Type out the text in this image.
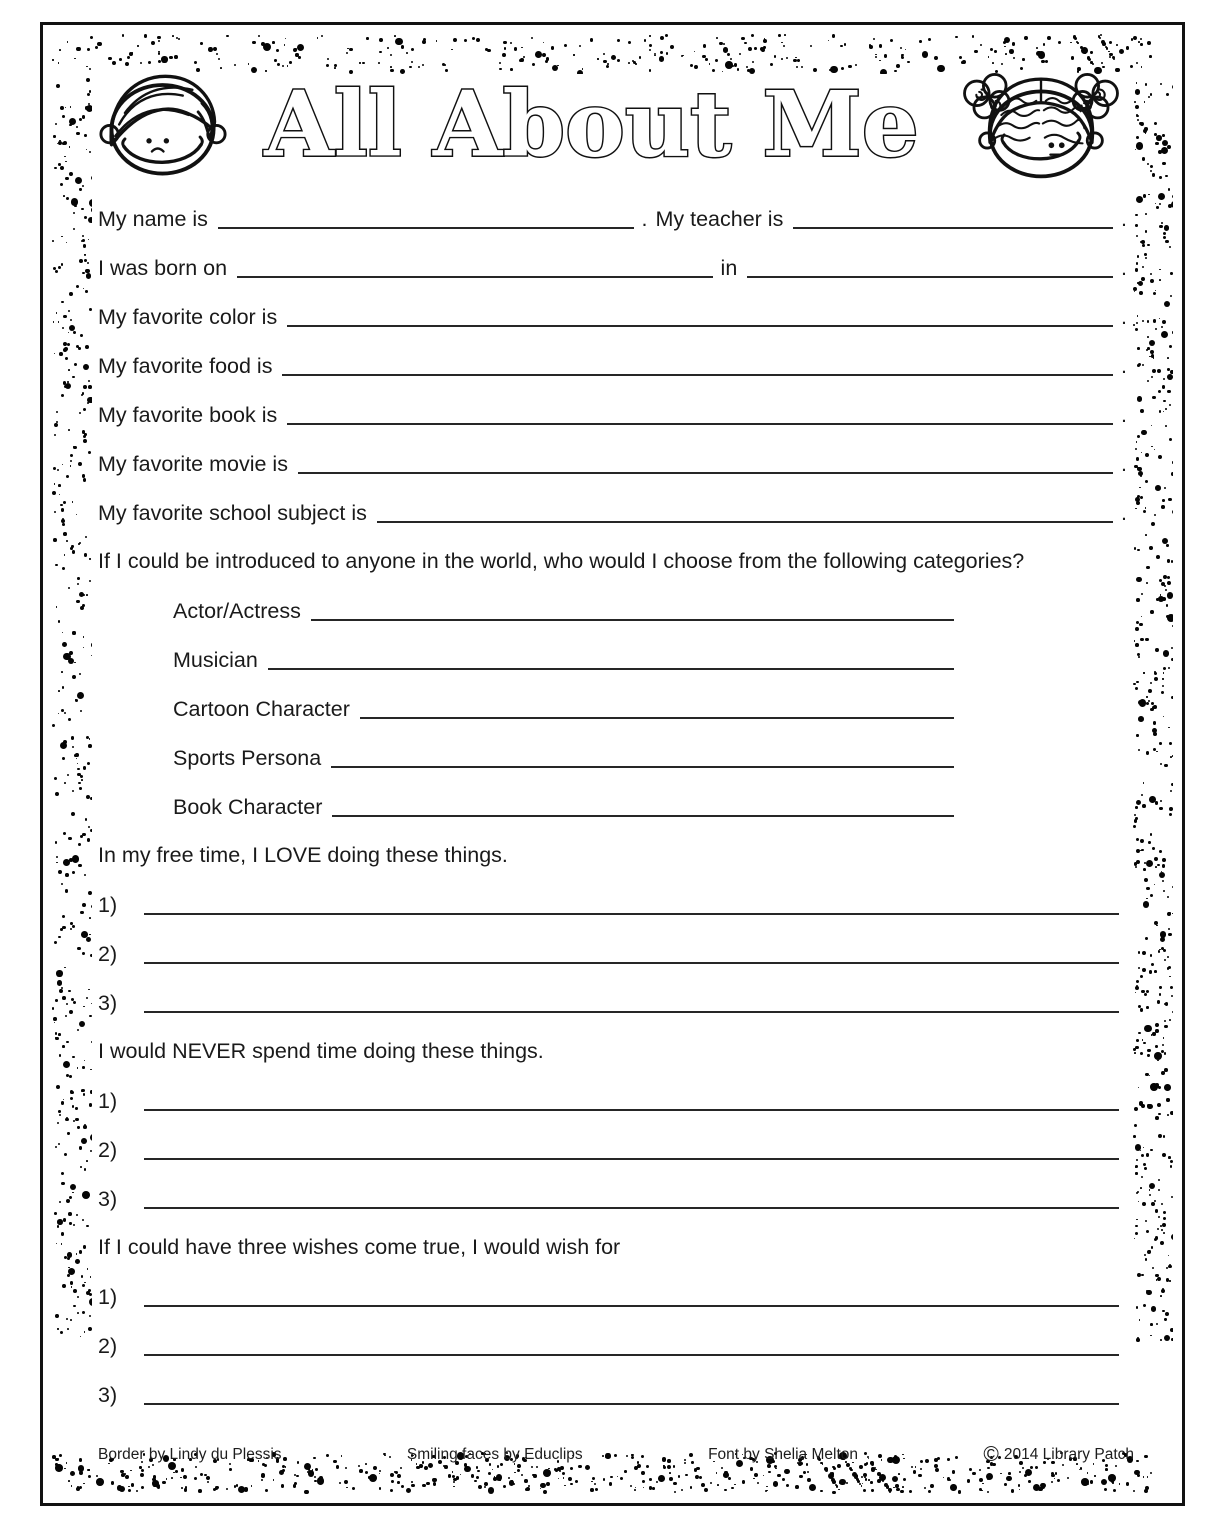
All About Me
My name is	. My teacher is	.
I was born on	in	.
My favorite color is	.
My favorite food is	.
My favorite book is	.
My favorite movie is	.
My favorite school subject is	.
If I could be introduced to anyone in the world, who would I choose from the following categories?
Actor/Actress
Musician
Cartoon Character
Sports Persona
Book Character
In my free time, I LOVE doing these things.
1)
2)
3)
I would NEVER spend time doing these things.
1)
2)
3)
If I could have three wishes come true, I would wish for
1)
2)
3)
Border by Lindy du Plessis	Smiling faces by Educlips	Font by Shelia Melton	© 2014 Library Patch
